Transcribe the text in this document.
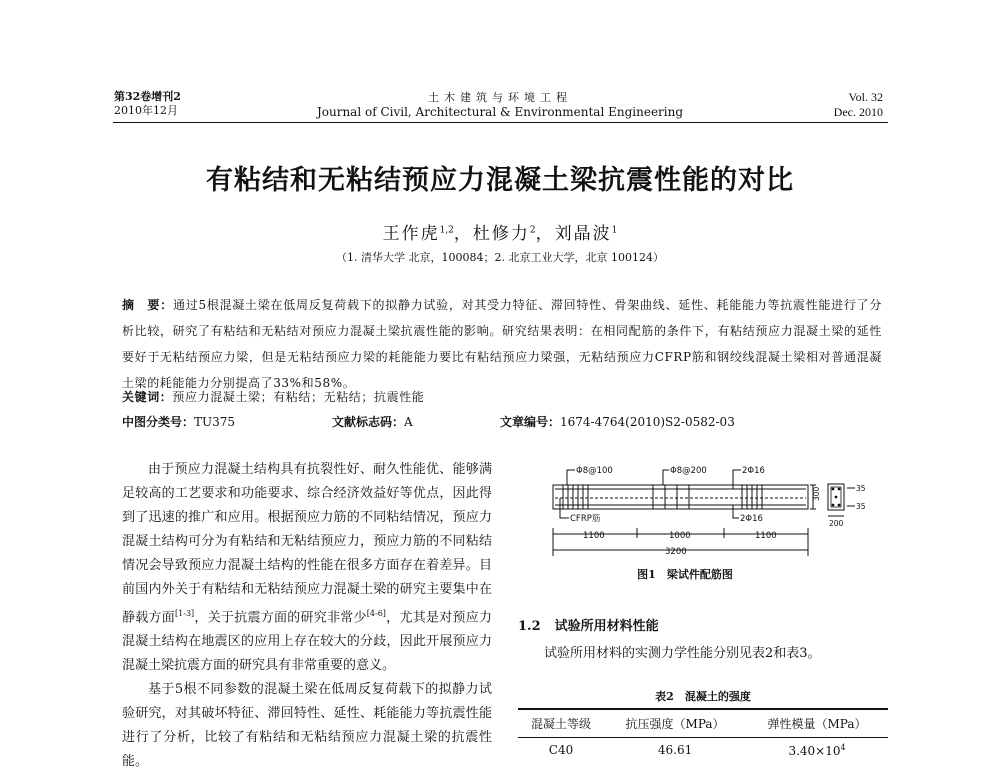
第32卷增刊2
2010年12月
土木建筑与环境工程
Journal of Civil, Architectural & Environmental Engineering
Vol. 32
Dec. 2010
有粘结和无粘结预应力混凝土梁抗震性能的对比
王作虎$^{1,2}$，杜修力$^2$，刘晶波$^1$
（1. 清华大学 北京，100084；2. 北京工业大学，北京 100124）
摘　要：通过5根混凝土梁在低周反复荷载下的拟静力试验，对其受力特征、滞回特性、骨架曲线、延性、耗能能力等抗震性能进行了分析比较，研究了有粘结和无粘结对预应力混凝土梁抗震性能的影响。研究结果表明：在相同配筋的条件下，有粘结预应力混凝土梁的延性要好于无粘结预应力梁，但是无粘结预应力梁的耗能能力要比有粘结预应力梁强，无粘结预应力CFRP筋和钢绞线混凝土梁相对普通混凝土梁的耗能能力分别提高了33%和58%。
关键词：预应力混凝土梁；有粘结；无粘结；抗震性能
中图分类号：TU375	文献标志码：A	文章编号：1674-4764(2010)S2-0582-03

由于预应力混凝土结构具有抗裂性好、耐久性能优、能够满足较高的工艺要求和功能要求、综合经济效益好等优点，因此得到了迅速的推广和应用。根据预应力筋的不同粘结情况，预应力混凝土结构可分为有粘结和无粘结预应力，预应力筋的不同粘结情况会导致预应力混凝土结构的性能在很多方面存在着差异。目前国内外关于有粘结和无粘结预应力混凝土梁的研究主要集中在静载方面[1-3]，关于抗震方面的研究非常少[4-6]，尤其是对预应力混凝土结构在地震区的应用上存在较大的分歧，因此开展预应力混凝土梁抗震方面的研究具有非常重要的意义。

基于5根不同参数的混凝土梁在低周反复荷载下的拟静力试验研究，对其破坏特征、滞回特性、延性、耗能能力等抗震性能进行了分析，比较了有粘结和无粘结预应力混凝土梁的抗震性能。

Φ8@100	Φ8@200	2Φ16
CFRP筋	2Φ16
1100	1000	1100
3200
300
200
35
35
图1　梁试件配筋图
1.2 试验所用材料性能
试验所用材料的实测力学性能分别见表2和表3。
表2　混凝土的强度
混凝土等级	抗压强度（MPa）	弹性模量（MPa）
C40	46.61	$3.40\times 10^4$
